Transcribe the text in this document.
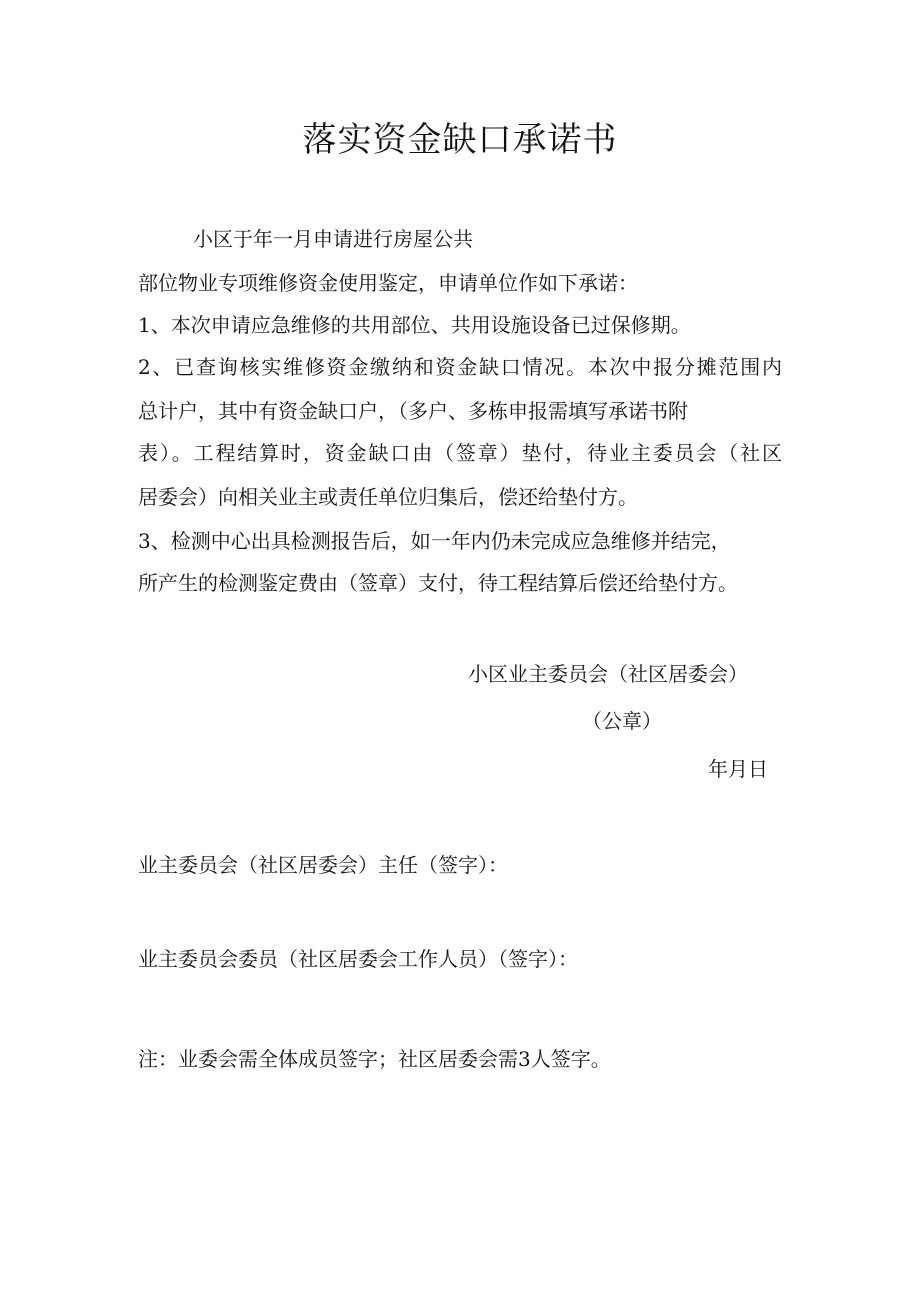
落实资金缺口承诺书
小区于年一月申请进行房屋公共
部位物业专项维修资金使用鉴定，申请单位作如下承诺：
1、本次申请应急维修的共用部位、共用设施设备已过保修期。
2、已查询核实维修资金缴纳和资金缺口情况。本次中报分摊范围内
总计户，其中有资金缺口户，（多户、多栋申报需填写承诺书附
表）。工程结算时，资金缺口由（签章）垫付，待业主委员会（社区
居委会）向相关业主或责任单位归集后，偿还给垫付方。
3、检测中心出具检测报告后，如一年内仍未完成应急维修并结完，
所产生的检测鉴定费由（签章）支付，待工程结算后偿还给垫付方。
小区业主委员会（社区居委会）
（公章）
年月日
业主委员会（社区居委会）主任（签字）：
业主委员会委员（社区居委会工作人员）（签字）：
注：业委会需全体成员签字；社区居委会需3人签字。
